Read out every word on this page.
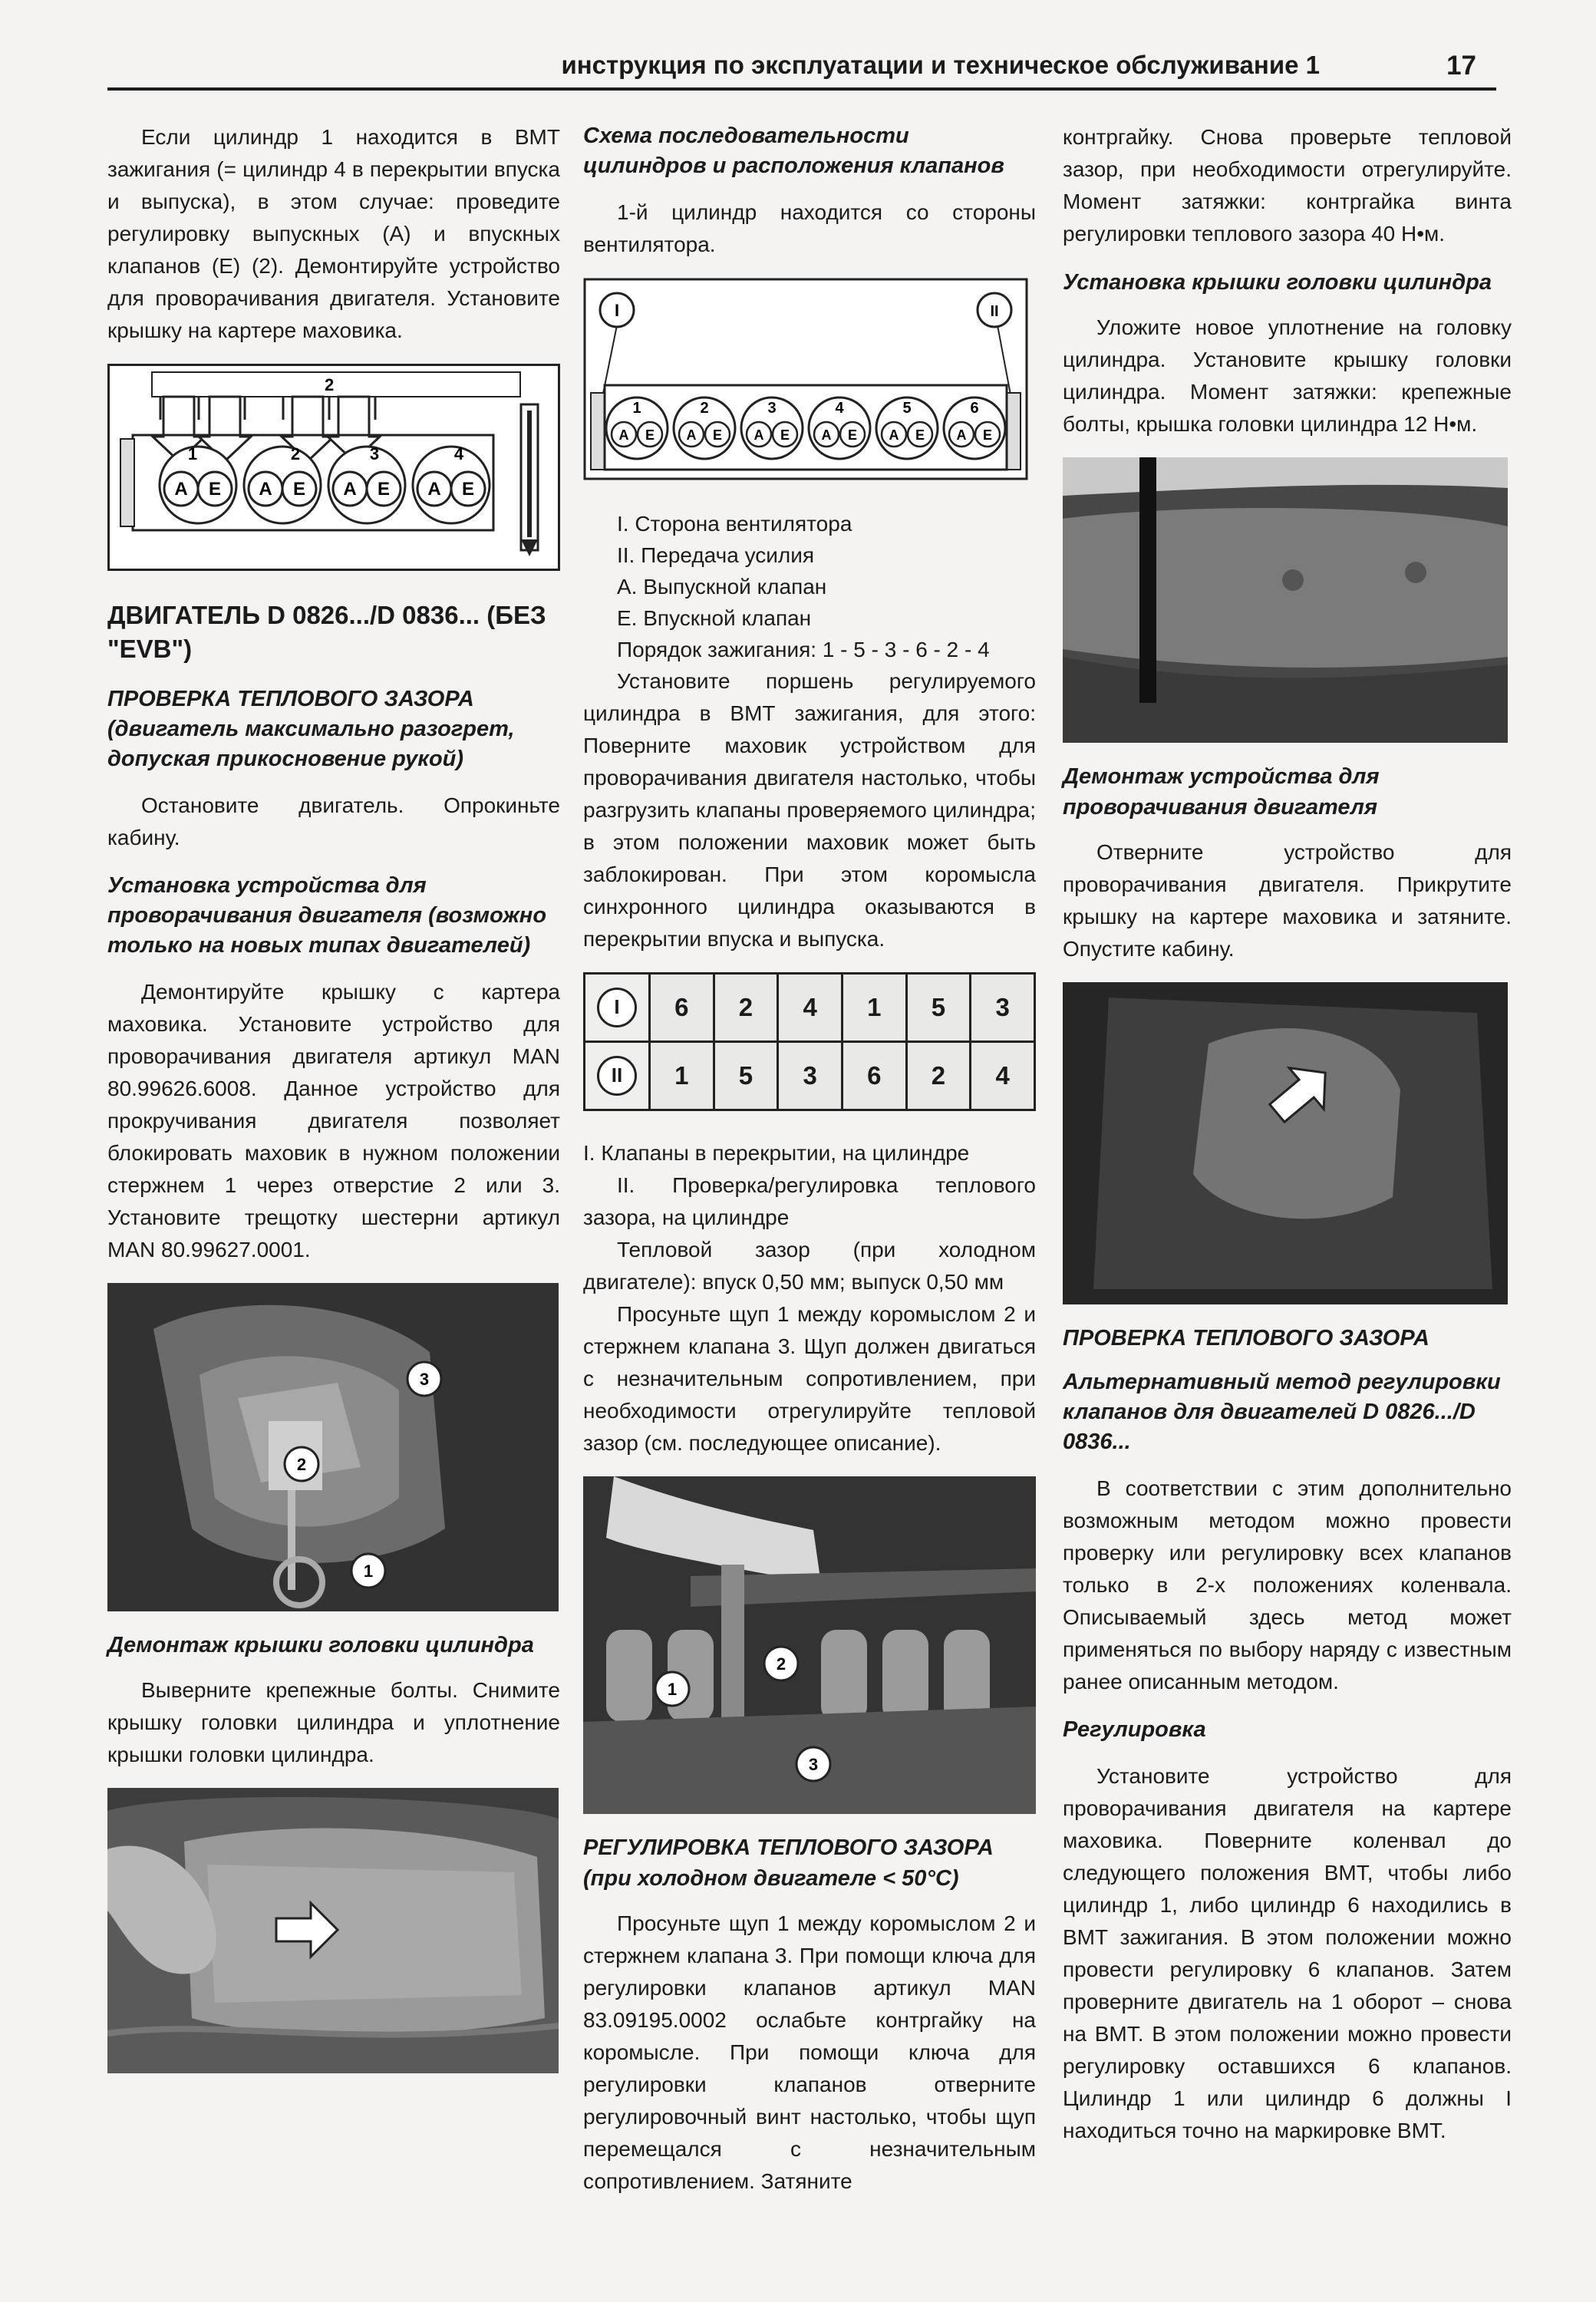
инструкция по эксплуатации и техническое обслуживание 1	17

Если цилиндр 1 находится в ВМТ зажигания (= цилиндр 4 в перекрытии впуска и выпуска), в этом случае: проведите регулировку выпускных (А) и впускных клапанов (Е) (2). Демонтируйте устройство для проворачивания двигателя. Установите крышку на картере маховика.

2
1
A E
2
A E
3
A E
4
A E
ДВИГАТЕЛЬ D 0826.../D 0836... (БЕЗ "EVB")
ПРОВЕРКА ТЕПЛОВОГО ЗАЗОРА (двигатель максимально разогрет, допуская прикосновение рукой)

Остановите двигатель. Опрокиньте кабину.

Установка устройства для проворачивания двигателя (возможно только на новых типах двигателей)

Демонтируйте крышку с картера маховика. Установите устройство для проворачивания двигателя артикул MAN 80.99626.6008. Данное устройство для прокручивания двигателя позволяет блокировать маховик в нужном положении стержнем 1 через отверстие 2 или 3. Установите трещотку шестерни артикул MAN 80.99627.0001.

1
2
3
Демонтаж крышки головки цилиндра

Выверните крепежные болты. Снимите крышку головки цилиндра и уплотнение крышки головки цилиндра.

Схема последовательности цилиндров и расположения клапанов

1-й цилиндр находится со стороны вентилятора.

I	II
1
A E
2
A E
3
A E
4
A E
5
A E
6
A E

I. Сторона вентилятора

II. Передача усилия

А. Выпускной клапан

Е. Впускной клапан

Порядок зажигания: 1 - 5 - 3 - 6 - 2 - 4

Установите поршень регулируемого цилиндра в ВМТ зажигания, для этого: Поверните маховик устройством для проворачивания двигателя настолько, чтобы разгрузить клапаны проверяемого цилиндра; в этом положении маховик может быть заблокирован. При этом коромысла синхронного цилиндра оказываются в перекрытии впуска и выпуска.

I	6	2	4	1	5	3
II	1	5	3	6	2	4

I. Клапаны в перекрытии, на цилиндре

II. Проверка/регулировка теплового зазора, на цилиндре

Тепловой зазор (при холодном двигателе): впуск 0,50 мм; выпуск 0,50 мм

Просуньте щуп 1 между коромыслом 2 и стержнем клапана 3. Щуп должен двигаться с незначительным сопротивлением, при необходимости отрегулируйте тепловой зазор (см. последующее описание).

1
2
3
РЕГУЛИРОВКА ТЕПЛОВОГО ЗАЗОРА (при холодном двигателе < 50°С)

Просуньте щуп 1 между коромыслом 2 и стержнем клапана 3. При помощи ключа для регулировки клапанов артикул MAN 83.09195.0002 ослабьте контргайку на коромысле. При помощи ключа для регулировки клапанов отверните регулировочный винт настолько, чтобы щуп перемещался с незначительным сопротивлением. Затяните

контргайку. Снова проверьте тепловой зазор, при необходимости отрегулируйте. Момент затяжки: контргайка винта регулировки теплового зазора 40 Н•м.

Установка крышки головки цилиндра

Уложите новое уплотнение на головку цилиндра. Установите крышку головки цилиндра. Момент затяжки: крепежные болты, крышка головки цилиндра 12 Н•м.

Демонтаж устройства для проворачивания двигателя

Отверните устройство для проворачивания двигателя. Прикрутите крышку на картере маховика и затяните. Опустите кабину.

ПРОВЕРКА ТЕПЛОВОГО ЗАЗОРА
Альтернативный метод регулировки клапанов для двигателей D 0826.../D 0836...

В соответствии с этим дополнительно возможным методом можно провести проверку или регулировку всех клапанов только в 2-х положениях коленвала. Описываемый здесь метод может применяться по выбору наряду с известным ранее описанным методом.

Регулировка

Установите устройство для проворачивания двигателя на картере маховика. Поверните коленвал до следующего положения ВМТ, чтобы либо цилиндр 1, либо цилиндр 6 находились в ВМТ зажигания. В этом положении можно провести регулировку 6 клапанов. Затем проверните двигатель на 1 оборот – снова на ВМТ. В этом положении можно провести регулировку оставшихся 6 клапанов. Цилиндр 1 или цилиндр 6 должны I находиться точно на маркировке ВМТ.
